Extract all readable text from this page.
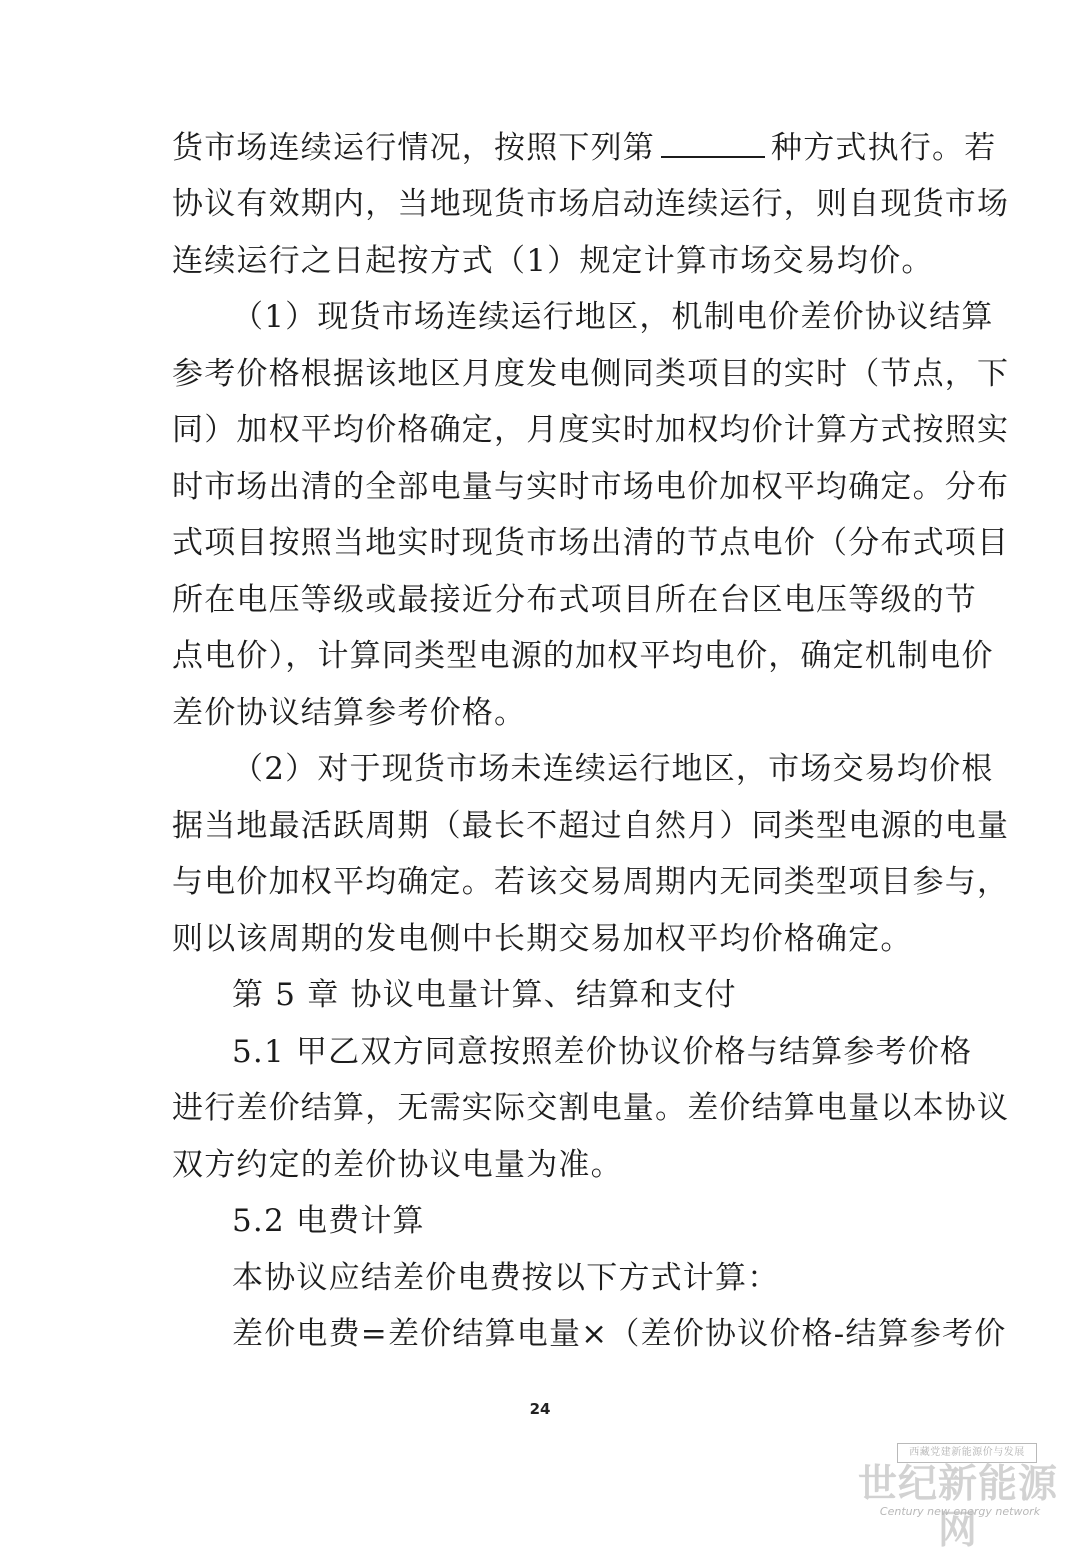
货市场连续运行情况，按照下列第	种方式执行。若
协议有效期内，当地现货市场启动连续运行，则自现货市场
连续运行之日起按方式（1）规定计算市场交易均价。
（1）现货市场连续运行地区，机制电价差价协议结算
参考价格根据该地区月度发电侧同类项目的实时（节点，下
同）加权平均价格确定，月度实时加权均价计算方式按照实
时市场出清的全部电量与实时市场电价加权平均确定。分布
式项目按照当地实时现货市场出清的节点电价（分布式项目
所在电压等级或最接近分布式项目所在台区电压等级的节
点电价），计算同类型电源的加权平均电价，确定机制电价
差价协议结算参考价格。
（2）对于现货市场未连续运行地区，市场交易均价根
据当地最活跃周期（最长不超过自然月）同类型电源的电量
与电价加权平均确定。若该交易周期内无同类型项目参与，
则以该周期的发电侧中长期交易加权平均价格确定。
第 5 章 协议电量计算、结算和支付
5.1 甲乙双方同意按照差价协议价格与结算参考价格
进行差价结算，无需实际交割电量。差价结算电量以本协议
双方约定的差价协议电量为准。
5.2 电费计算
本协议应结差价电费按以下方式计算：
差价电费=差价结算电量×（差价协议价格-结算参考价
24
西藏党建新能源价与发展
世纪新能源网
Century new energy network
